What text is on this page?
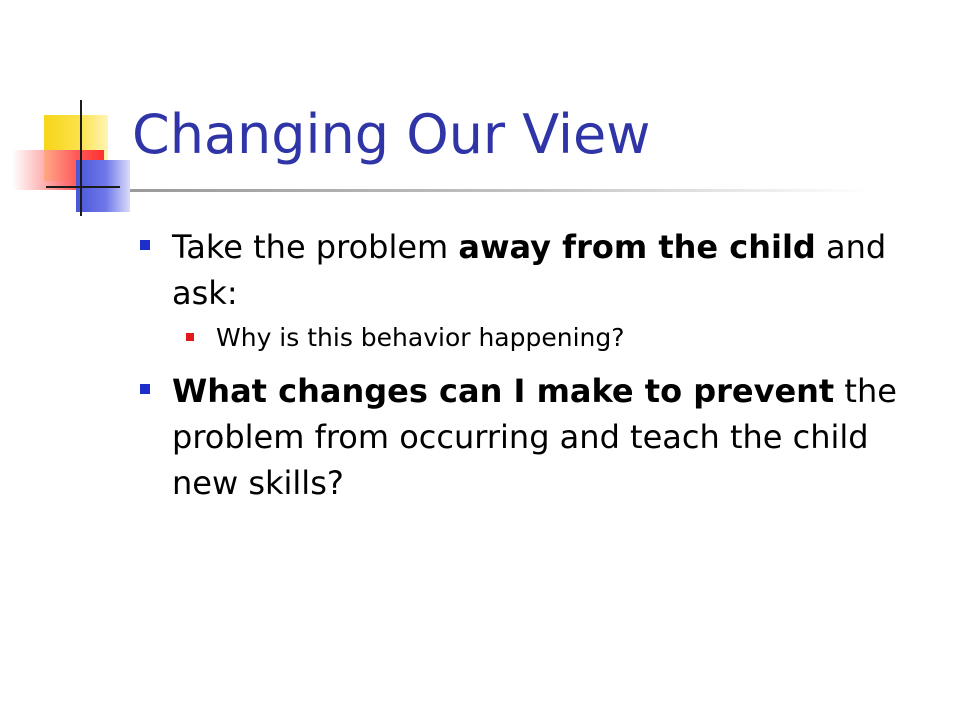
Changing Our View
Take the problem away from the child and ask:
Why is this behavior happening?
What changes can I make to prevent the problem from occurring and teach the child new skills?
